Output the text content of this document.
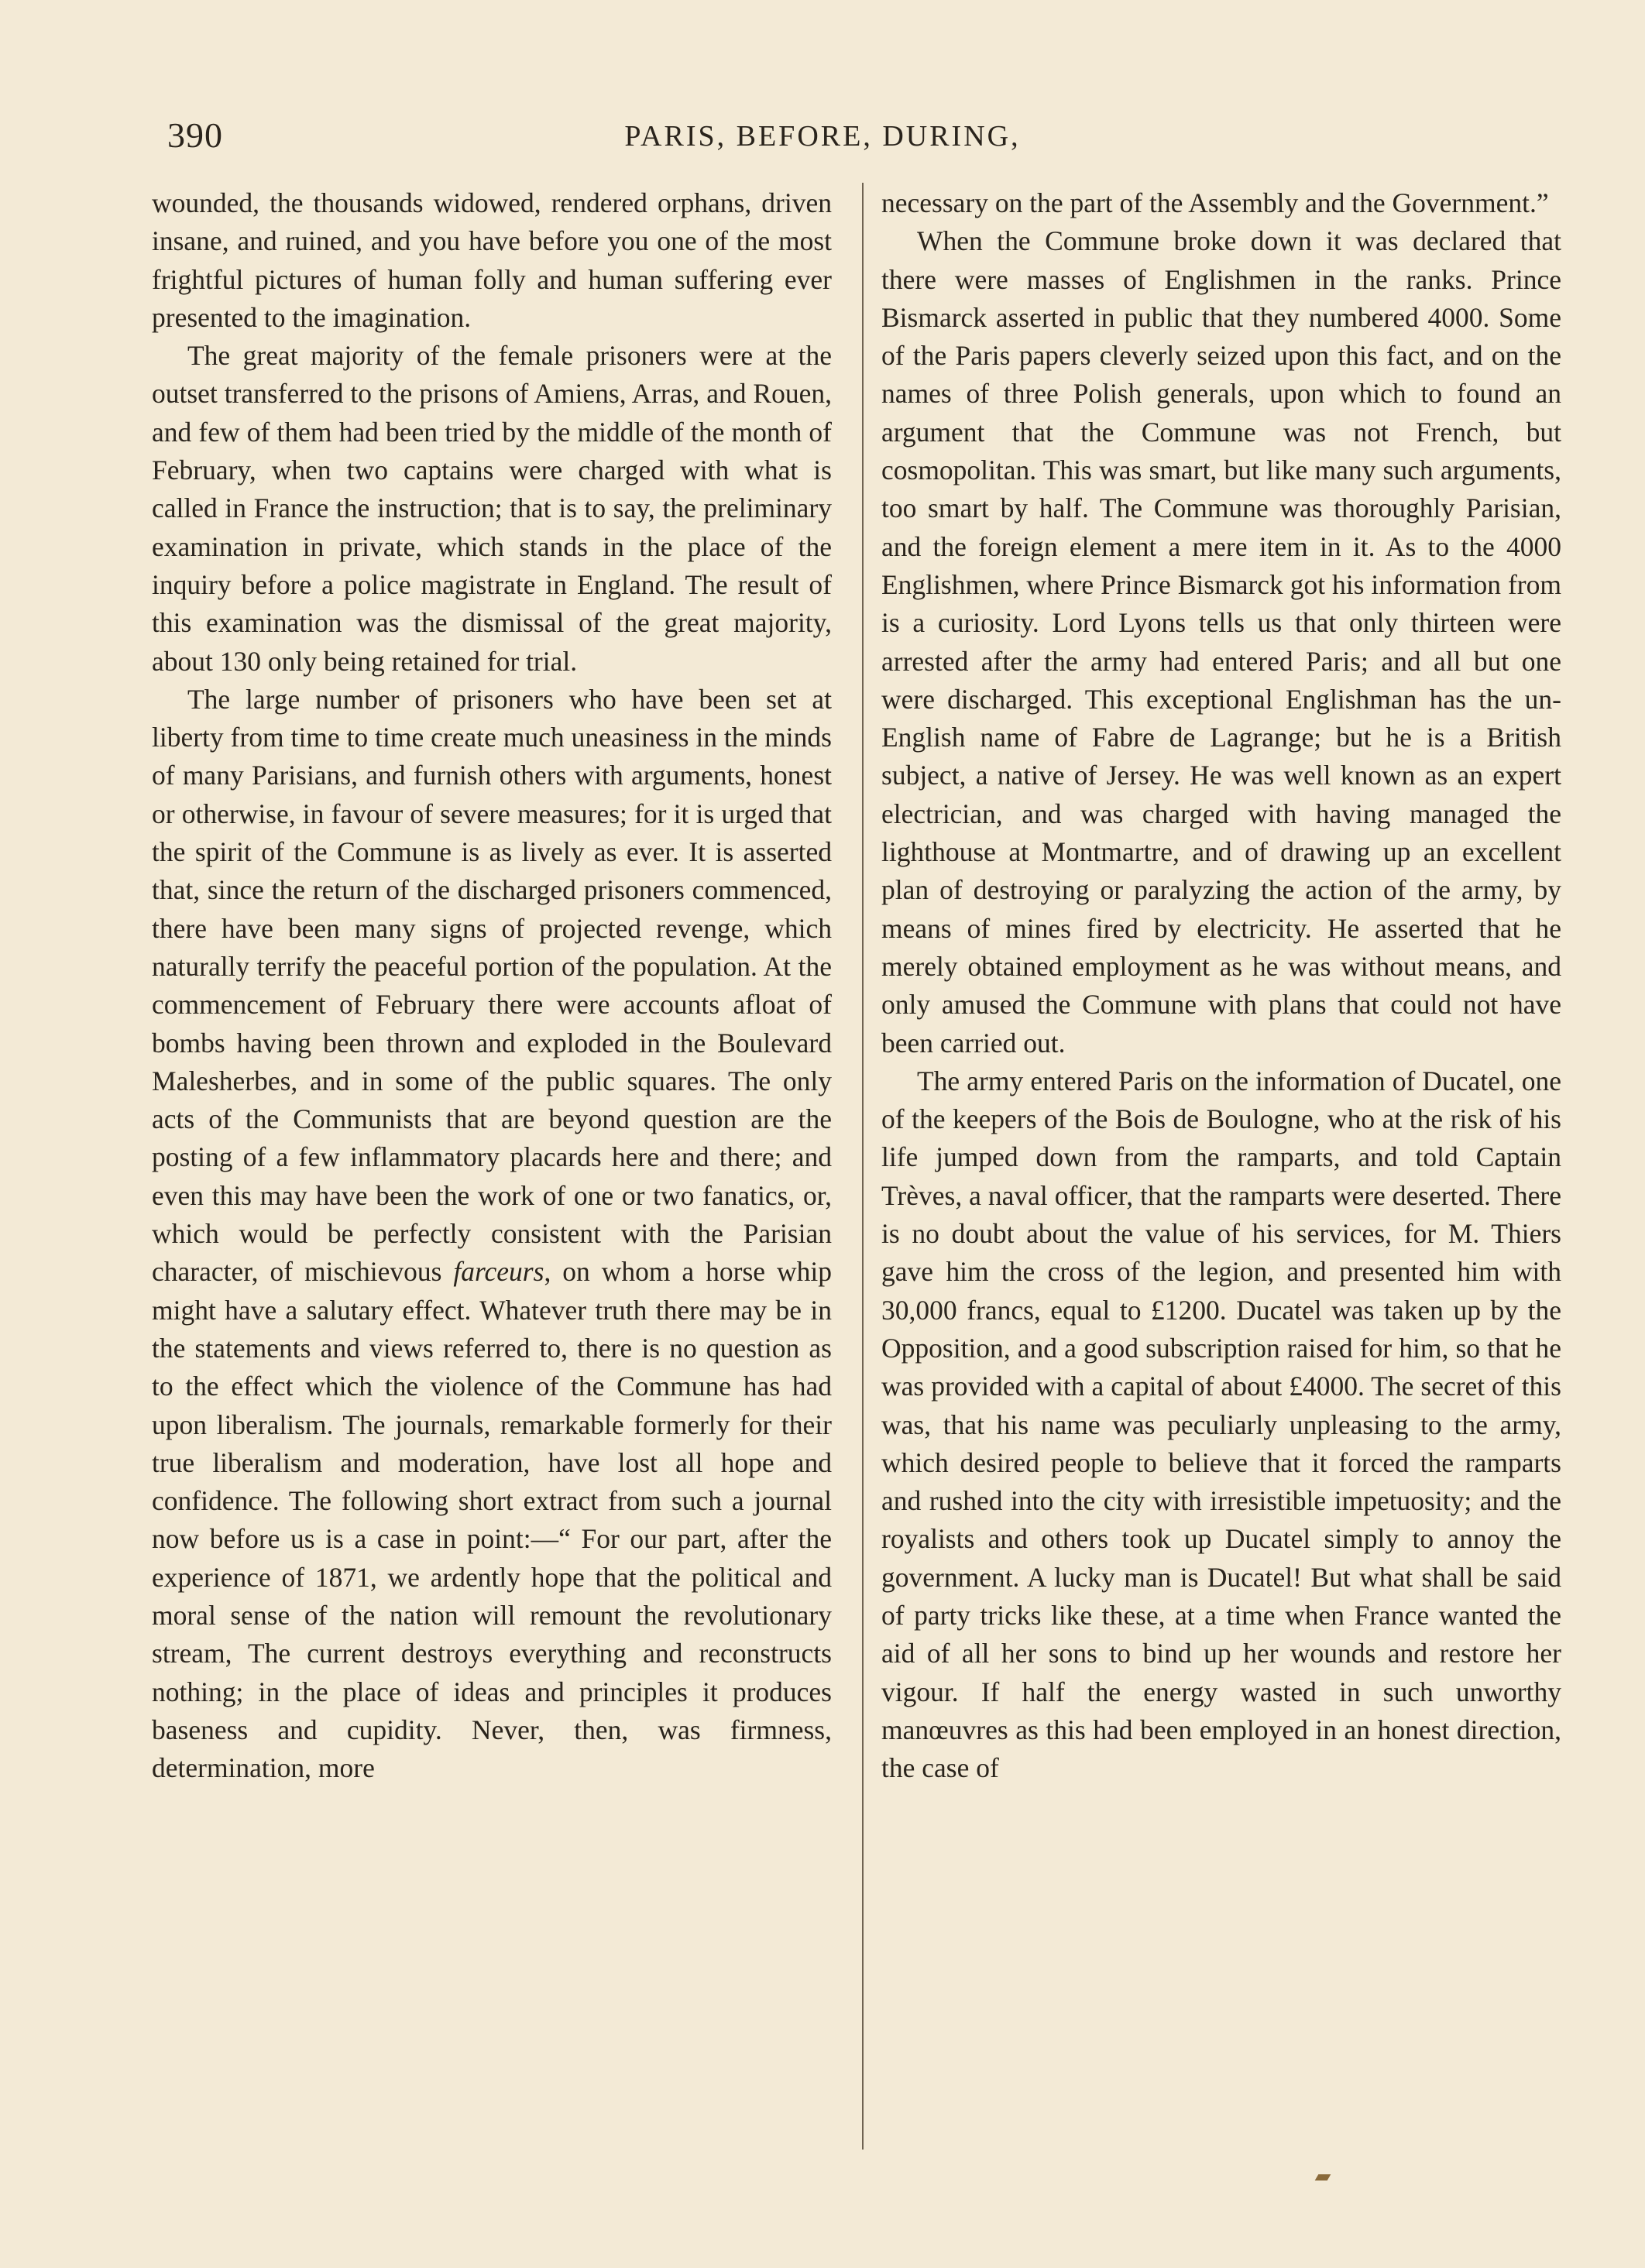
390	PARIS, BEFORE, DURING,

wounded, the thousands widowed, rendered orphans, driven insane, and ruined, and you have before you one of the most frightful pictures of human folly and human suffering ever presented to the imagination.

The great majority of the female prisoners were at the outset transferred to the prisons of Amiens, Arras, and Rouen, and few of them had been tried by the middle of the month of February, when two captains were charged with what is called in France the instruction; that is to say, the preliminary examination in private, which stands in the place of the inquiry before a police magistrate in England. The result of this examination was the dismissal of the great majority, about 130 only being retained for trial.

The large number of prisoners who have been set at liberty from time to time create much uneasiness in the minds of many Parisians, and furnish others with arguments, honest or otherwise, in favour of severe measures; for it is urged that the spirit of the Commune is as lively as ever. It is asserted that, since the return of the discharged prisoners commenced, there have been many signs of projected revenge, which naturally terrify the peaceful portion of the population. At the commencement of February there were accounts afloat of bombs having been thrown and exploded in the Boulevard Malesherbes, and in some of the public squares. The only acts of the Communists that are beyond question are the posting of a few inflammatory placards here and there; and even this may have been the work of one or two fanatics, or, which would be perfectly consistent with the Parisian character, of mischievous farceurs, on whom a horse whip might have a salutary effect. Whatever truth there may be in the statements and views referred to, there is no question as to the effect which the violence of the Commune has had upon liberalism. The journals, remarkable formerly for their true liberalism and moderation, have lost all hope and confidence. The following short extract from such a journal now before us is a case in point:—“ For our part, after the experience of 1871, we ardently hope that the political and moral sense of the nation will remount the revolutionary stream, The current destroys everything and reconstructs nothing; in the place of ideas and principles it produces baseness and cupidity. Never, then, was firmness, determination, more

necessary on the part of the Assembly and the Government.”

When the Commune broke down it was declared that there were masses of Englishmen in the ranks. Prince Bismarck asserted in public that they numbered 4000. Some of the Paris papers cleverly seized upon this fact, and on the names of three Polish generals, upon which to found an argument that the Commune was not French, but cosmopolitan. This was smart, but like many such arguments, too smart by half. The Commune was thoroughly Parisian, and the foreign element a mere item in it. As to the 4000 Englishmen, where Prince Bismarck got his information from is a curiosity. Lord Lyons tells us that only thirteen were arrested after the army had entered Paris; and all but one were discharged. This exceptional Englishman has the un-English name of Fabre de Lagrange; but he is a British subject, a native of Jersey. He was well known as an expert electrician, and was charged with having managed the lighthouse at Montmartre, and of drawing up an excellent plan of destroying or paralyzing the action of the army, by means of mines fired by electricity. He asserted that he merely obtained employment as he was without means, and only amused the Commune with plans that could not have been carried out.

The army entered Paris on the information of Ducatel, one of the keepers of the Bois de Boulogne, who at the risk of his life jumped down from the ramparts, and told Captain Trèves, a naval officer, that the ramparts were deserted. There is no doubt about the value of his services, for M. Thiers gave him the cross of the legion, and presented him with 30,000 francs, equal to £1200. Ducatel was taken up by the Opposition, and a good subscription raised for him, so that he was provided with a capital of about £4000. The secret of this was, that his name was peculiarly unpleasing to the army, which desired people to believe that it forced the ramparts and rushed into the city with irresistible impetuosity; and the royalists and others took up Ducatel simply to annoy the government. A lucky man is Ducatel! But what shall be said of party tricks like these, at a time when France wanted the aid of all her sons to bind up her wounds and restore her vigour. If half the energy wasted in such unworthy manœuvres as this had been employed in an honest direction, the case of
